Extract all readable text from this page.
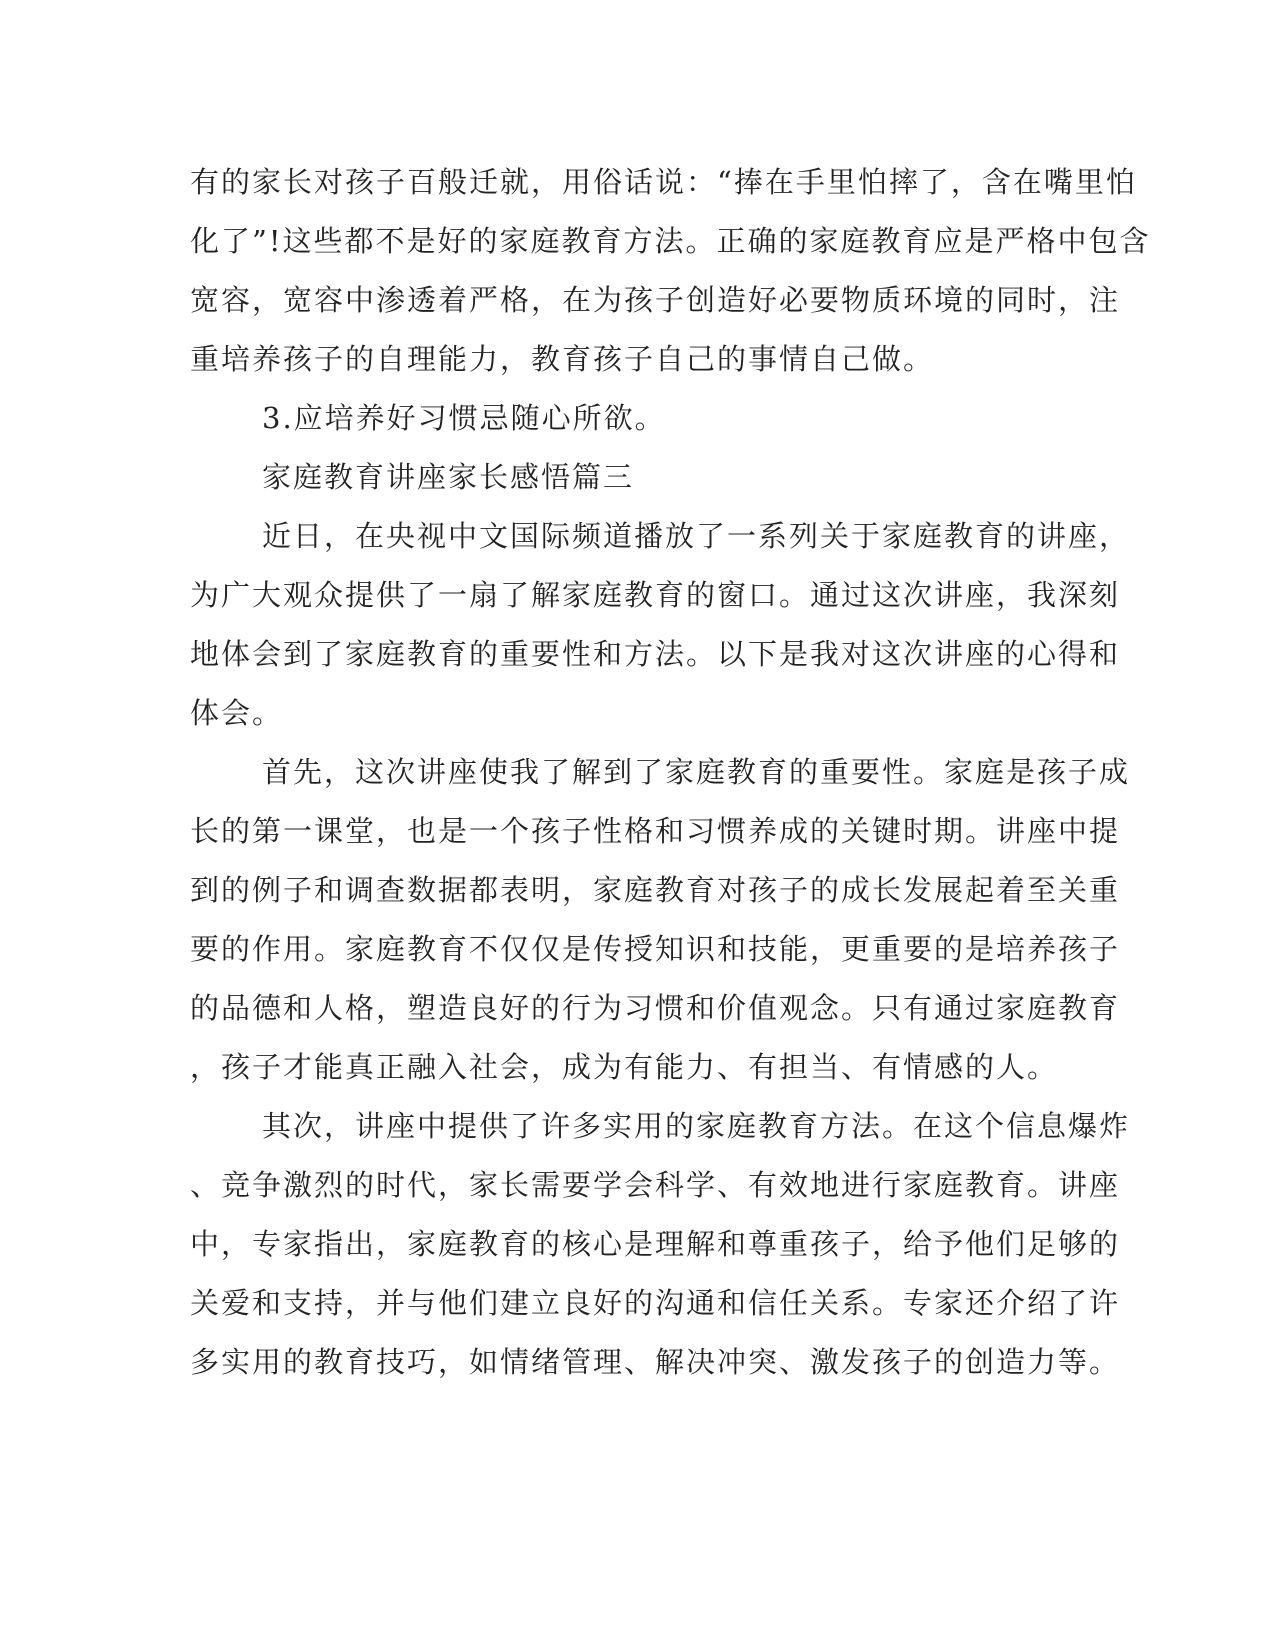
有的家长对孩子百般迁就，用俗话说：“捧在手里怕摔了，含在嘴里怕

化了”!这些都不是好的家庭教育方法。正确的家庭教育应是严格中包含

宽容，宽容中渗透着严格，在为孩子创造好必要物质环境的同时，注

重培养孩子的自理能力，教育孩子自己的事情自己做。

3.应培养好习惯忌随心所欲。

家庭教育讲座家长感悟篇三

近日，在央视中文国际频道播放了一系列关于家庭教育的讲座，

为广大观众提供了一扇了解家庭教育的窗口。通过这次讲座，我深刻

地体会到了家庭教育的重要性和方法。以下是我对这次讲座的心得和

体会。

首先，这次讲座使我了解到了家庭教育的重要性。家庭是孩子成

长的第一课堂，也是一个孩子性格和习惯养成的关键时期。讲座中提

到的例子和调查数据都表明，家庭教育对孩子的成长发展起着至关重

要的作用。家庭教育不仅仅是传授知识和技能，更重要的是培养孩子

的品德和人格，塑造良好的行为习惯和价值观念。只有通过家庭教育

，孩子才能真正融入社会，成为有能力、有担当、有情感的人。

其次，讲座中提供了许多实用的家庭教育方法。在这个信息爆炸

、竞争激烈的时代，家长需要学会科学、有效地进行家庭教育。讲座

中，专家指出，家庭教育的核心是理解和尊重孩子，给予他们足够的

关爱和支持，并与他们建立良好的沟通和信任关系。专家还介绍了许

多实用的教育技巧，如情绪管理、解决冲突、激发孩子的创造力等。
